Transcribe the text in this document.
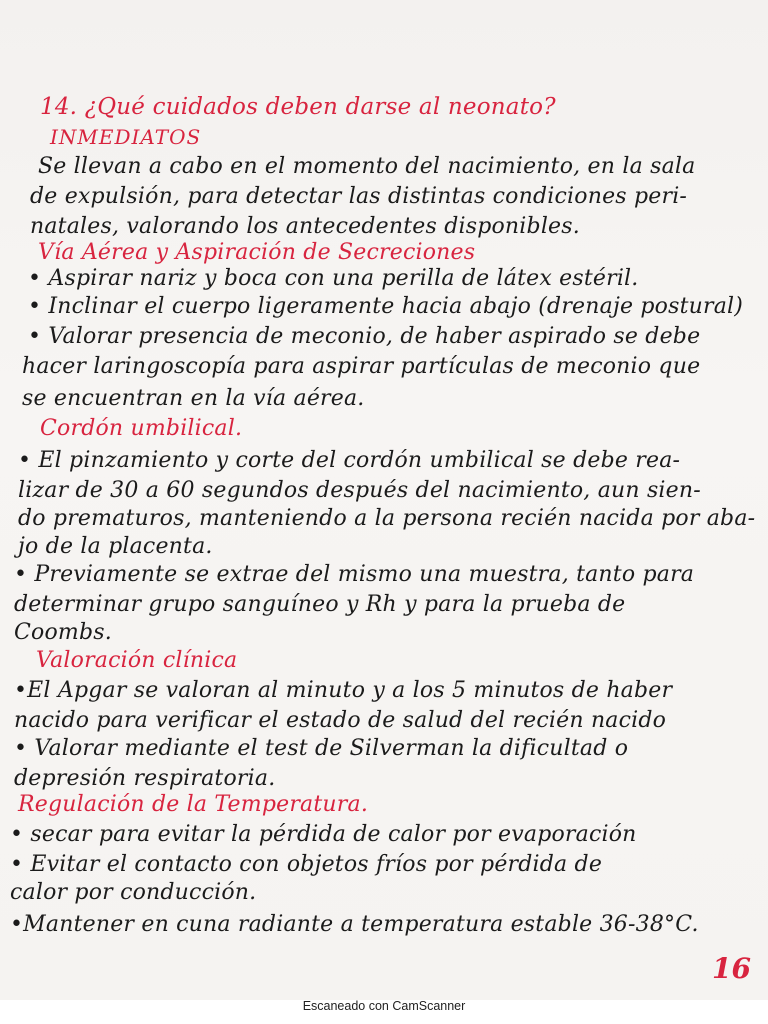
14. ¿Qué cuidados deben darse al neonato?
INMEDIATOS
Se llevan a cabo en el momento del nacimiento, en la sala
de expulsión, para detectar las distintas condiciones peri-
natales, valorando los antecedentes disponibles.
Vía Aérea y Aspiración de Secreciones
• Aspirar nariz y boca con una perilla de látex estéril.
• Inclinar el cuerpo ligeramente hacia abajo (drenaje postural)
• Valorar presencia de meconio, de haber aspirado se debe
hacer laringoscopía para aspirar partículas de meconio que
se encuentran en la vía aérea.
Cordón umbilical.
• El pinzamiento y corte del cordón umbilical se debe rea-
lizar de 30 a 60 segundos después del nacimiento, aun sien-
do prematuros, manteniendo a la persona recién nacida por aba-
jo de la placenta.
• Previamente se extrae del mismo una muestra, tanto para
determinar grupo sanguíneo y Rh y para la prueba de
Coombs.
Valoración clínica
•El Apgar se valoran al minuto y a los 5 minutos de haber
nacido para verificar el estado de salud del recién nacido
• Valorar mediante el test de Silverman la dificultad o
depresión respiratoria.
Regulación de la Temperatura.
• secar para evitar la pérdida de calor por evaporación
• Evitar el contacto con objetos fríos por pérdida de
calor por conducción.
•Mantener en cuna radiante a temperatura estable 36-38°C.
16
Escaneado con CamScanner
